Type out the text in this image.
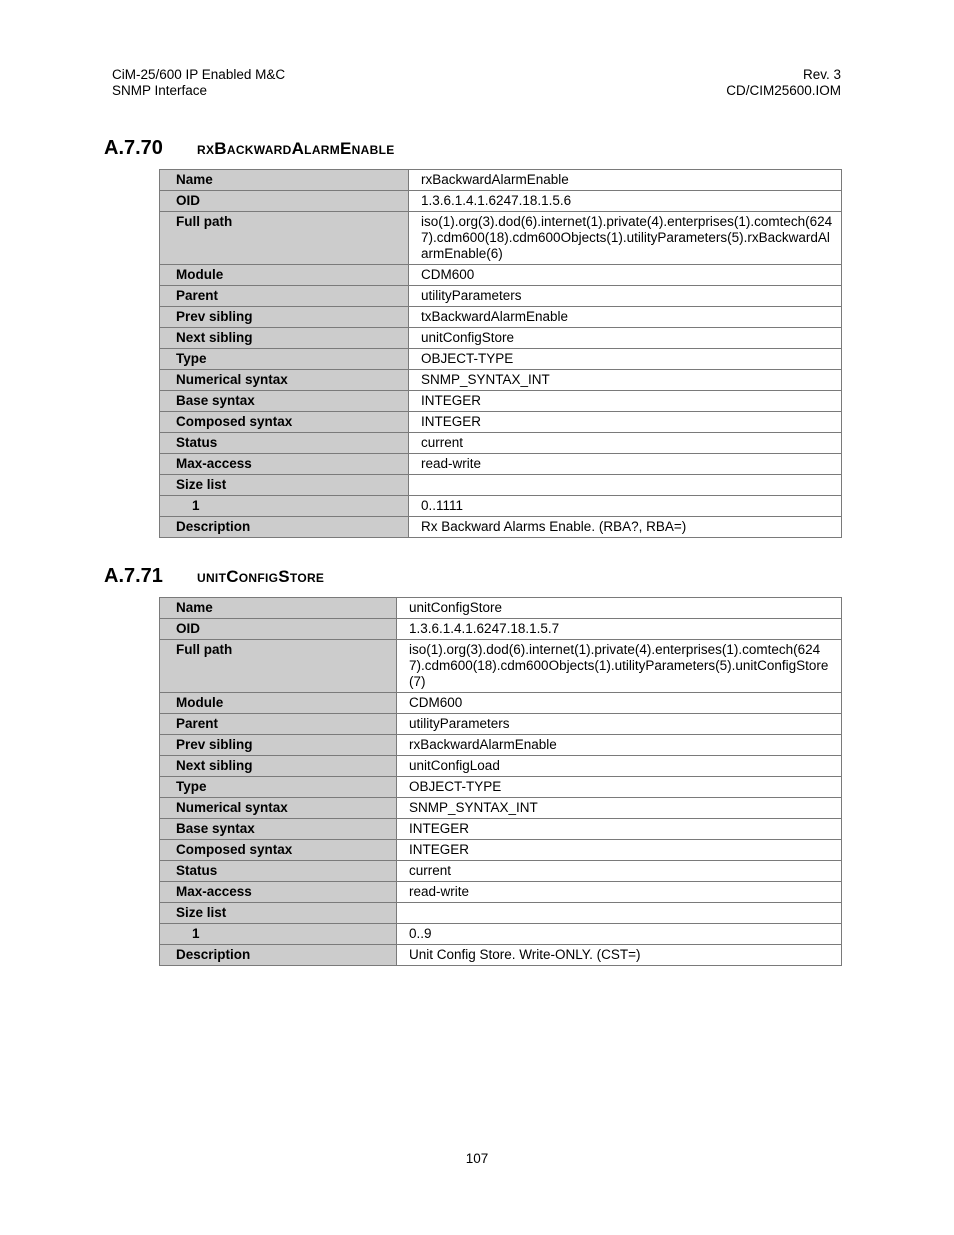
CiM-25/600 IP Enabled M&C
SNMP Interface
Rev. 3
CD/CIM25600.IOM
A.7.70 rxBackwardAlarmEnable
Name	rxBackwardAlarmEnable
OID	1.3.6.1.4.1.6247.18.1.5.6
Full path	iso(1).org(3).dod(6).internet(1).private(4).enterprises(1).comtech(6247).cdm600(18).cdm600Objects(1).utilityParameters(5).rxBackwardAlarmEnable(6)
Module	CDM600
Parent	utilityParameters
Prev sibling	txBackwardAlarmEnable
Next sibling	unitConfigStore
Type	OBJECT-TYPE
Numerical syntax	SNMP_SYNTAX_INT
Base syntax	INTEGER
Composed syntax	INTEGER
Status	current
Max-access	read-write
Size list	
1	0..1111
Description	Rx Backward Alarms Enable. (RBA?, RBA=)
A.7.71 unitConfigStore
Name	unitConfigStore
OID	1.3.6.1.4.1.6247.18.1.5.7
Full path	iso(1).org(3).dod(6).internet(1).private(4).enterprises(1).comtech(6247).cdm600(18).cdm600Objects(1).utilityParameters(5).unitConfigStore(7)
Module	CDM600
Parent	utilityParameters
Prev sibling	rxBackwardAlarmEnable
Next sibling	unitConfigLoad
Type	OBJECT-TYPE
Numerical syntax	SNMP_SYNTAX_INT
Base syntax	INTEGER
Composed syntax	INTEGER
Status	current
Max-access	read-write
Size list	
1	0..9
Description	Unit Config Store. Write-ONLY. (CST=)
107
